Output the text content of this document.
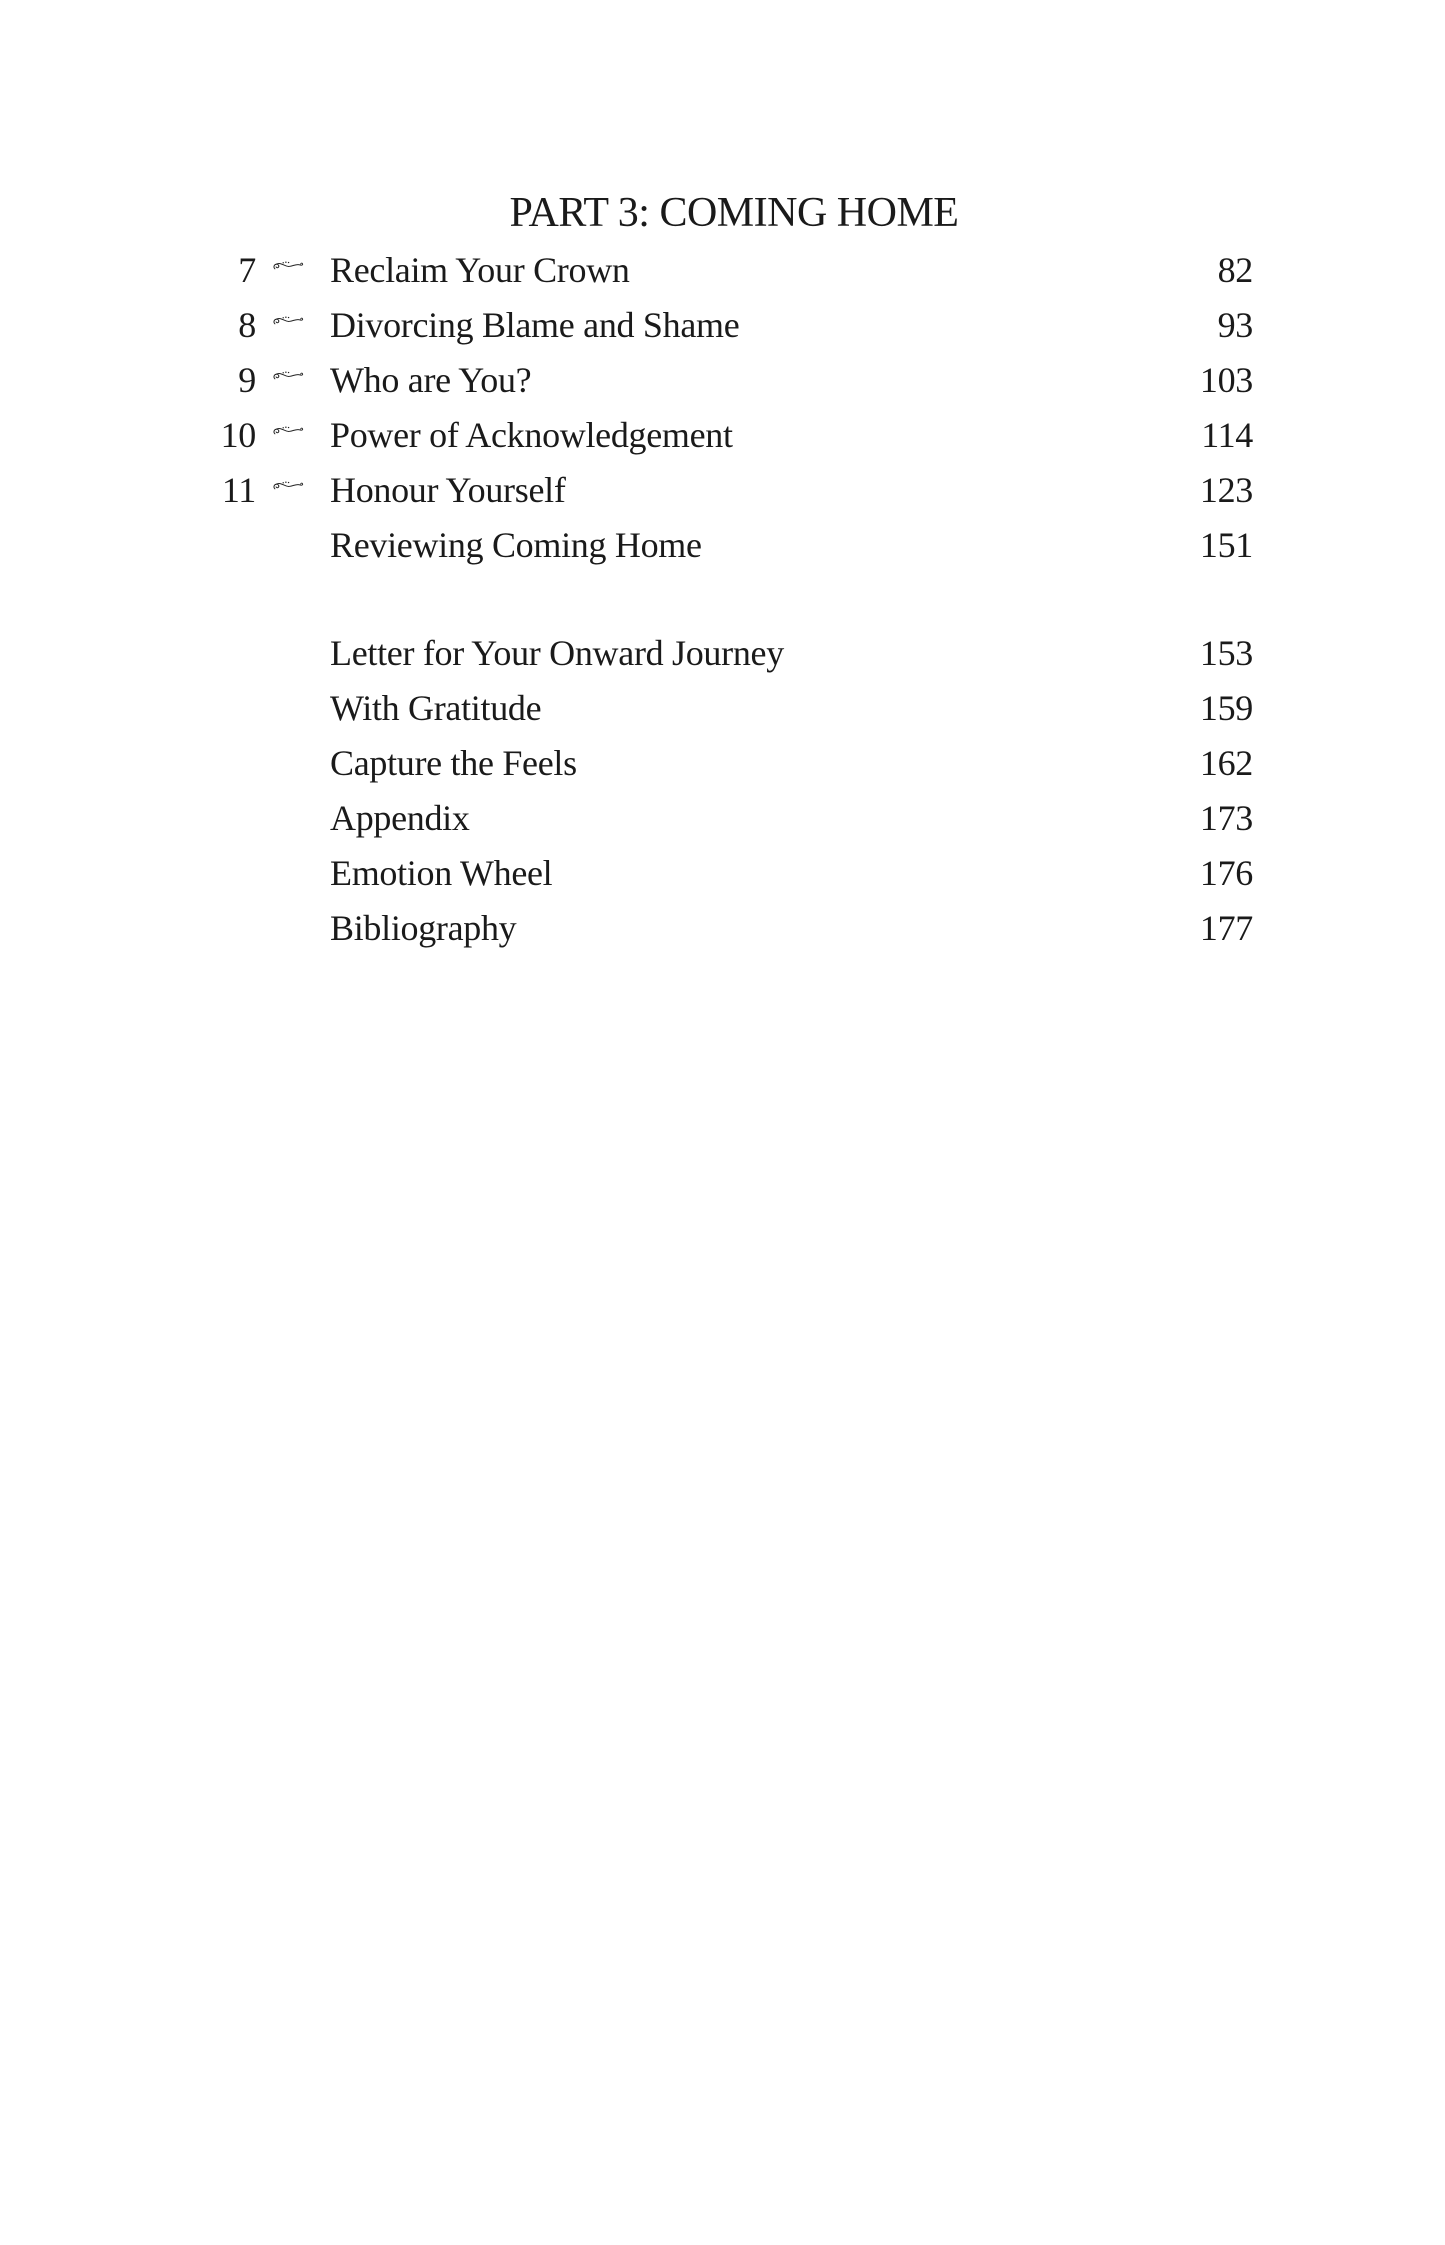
PART 3: COMING HOME
7 Reclaim Your Crown	82
8 Divorcing Blame and Shame	93
9 Who are You?	103
10 Power of Acknowledgement	114
11 Honour Yourself	123
Reviewing Coming Home	151
Letter for Your Onward Journey	153
With Gratitude	159
Capture the Feels	162
Appendix	173
Emotion Wheel	176
Bibliography	177
